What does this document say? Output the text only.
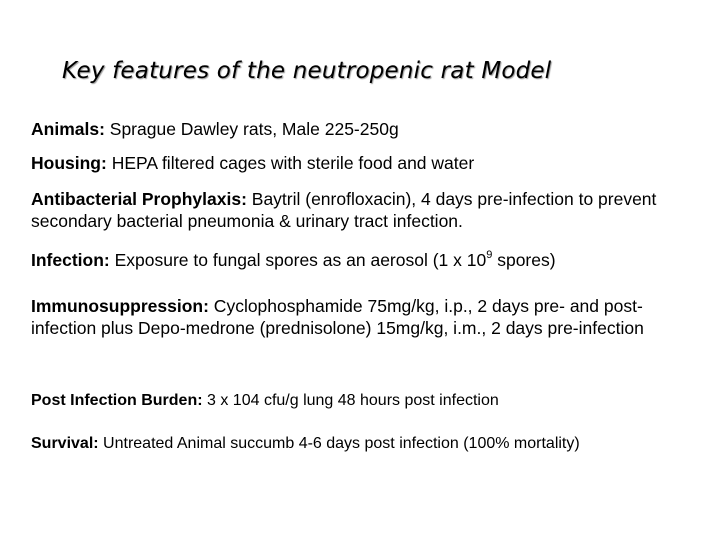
Key features of the neutropenic rat Model
Animals: Sprague Dawley rats, Male 225-250g
Housing: HEPA filtered cages with sterile food and water
Antibacterial Prophylaxis: Baytril (enrofloxacin), 4 days pre-infection to prevent secondary bacterial pneumonia & urinary tract infection.
Infection: Exposure to fungal spores as an aerosol (1 x $10^9$ spores)
Immunosuppression: Cyclophosphamide 75mg/kg, i.p., 2 days pre- and post-infection plus Depo-medrone (prednisolone) 15mg/kg, i.m., 2 days pre-infection
Post Infection Burden: 3 x 104 cfu/g lung 48 hours post infection
Survival: Untreated Animal succumb 4-6 days post infection (100% mortality)
